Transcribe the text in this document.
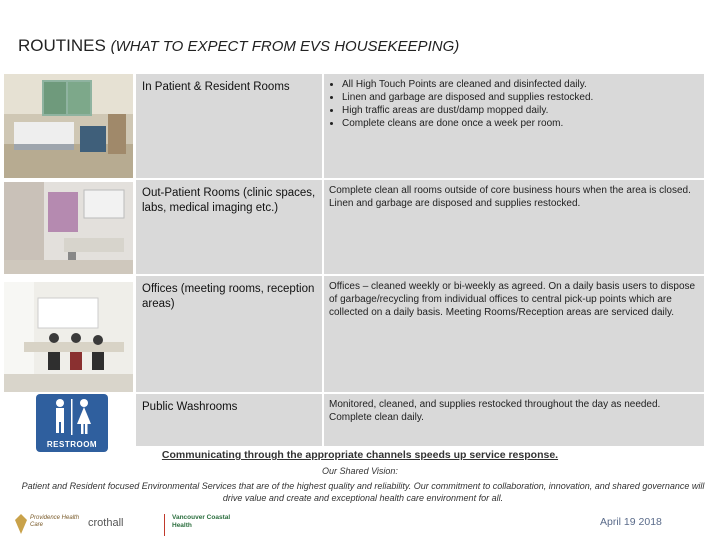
ROUTINES (WHAT TO EXPECT FROM EVS HOUSEKEEPING)
RESTROOM
In Patient & Resident Rooms
•	All High Touch Points are cleaned and disinfected daily.
• Linen and garbage are disposed and supplies restocked.
• High traffic areas are dust/damp mopped daily.
• Complete cleans are done once a week per room.
Out-Patient Rooms (clinic spaces, labs, medical imaging etc.)
Complete clean all rooms outside of core business hours when the area is closed. Linen and garbage are disposed and supplies restocked.
Offices (meeting rooms, reception areas)
Offices – cleaned weekly or bi-weekly as agreed. On a daily basis users to dispose of garbage/recycling from individual offices to central pick-up points which are collected on a daily basis. Meeting Rooms/Reception areas are serviced daily.
Public Washrooms	Monitored, cleaned, and supplies restocked throughout the day as needed. Complete clean daily.
Communicating through the appropriate channels speeds up service response.
Our Shared Vision:
Patient and Resident focused Environmental Services that are of the highest quality and reliability. Our commitment to collaboration, innovation, and shared governance will drive value and create and exceptional health care environment for all.
Providence Health Care	crothall	Vancouver Coastal Health	April 19 2018
